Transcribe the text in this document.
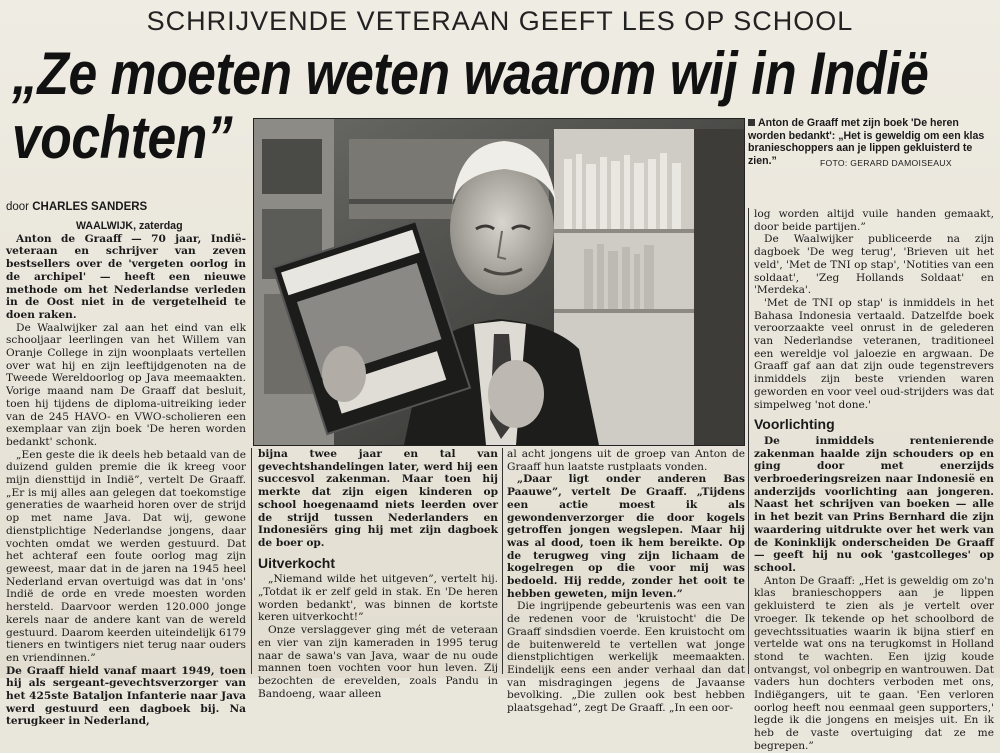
SCHRIJVENDE VETERAAN GEEFT LES OP SCHOOL
„Ze moeten weten waarom wij in Indië
vochten”
door CHARLES SANDERS

WAALWIJK, zaterdag

Anton de Graaff — 70 jaar, Indië-veteraan en schrijver van zeven bestsellers over de 'vergeten oorlog in de archipel' — heeft een nieuwe methode om het Nederlandse verleden in de Oost niet in de vergetelheid te doen raken.

De Waalwijker zal aan het eind van elk schooljaar leerlingen van het Willem van Oranje College in zijn woonplaats vertellen over wat hij en zijn leeftijdgenoten na de Tweede Wereldoorlog op Java meemaakten. Vorige maand nam De Graaff dat besluit, toen hij tijdens de diploma-uitreiking ieder van de 245 HAVO- en VWO-scholieren een exemplaar van zijn boek 'De heren worden bedankt' schonk.

„Een geste die ik deels heb betaald van de duizend gulden premie die ik kreeg voor mijn diensttijd in Indië”, vertelt De Graaff. „Er is mij alles aan gelegen dat toekomstige generaties de waarheid horen over de strijd op met name Java. Dat wij, gewone dienstplichtige Nederlandse jongens, daar vochten omdat we werden gestuurd. Dat het achteraf een foute oorlog mag zijn geweest, maar dat in de jaren na 1945 heel Nederland ervan overtuigd was dat in 'ons' Indië de orde en vrede moesten worden hersteld. Daarvoor werden 120.000 jonge kerels naar de andere kant van de wereld gestuurd. Daarom keerden uiteindelijk 6179 tieners en twintigers niet terug naar ouders en vriendinnen.”

De Graaff hield vanaf maart 1949, toen hij als sergeant-gevechtsverzorger van het 425ste Bataljon Infanterie naar Java werd gestuurd een dagboek bij. Na terugkeer in Nederland,

bijna twee jaar en tal van gevechtshandelingen later, werd hij een succesvol zakenman. Maar toen hij merkte dat zijn eigen kinderen op school hoegenaamd niets leerden over de strijd tussen Nederlanders en Indonesiërs ging hij met zijn dagboek de boer op.

Uitverkocht

„Niemand wilde het uitgeven”, vertelt hij. „Totdat ik er zelf geld in stak. En 'De heren worden bedankt', was binnen de kortste keren uitverkocht!”

Onze verslaggever ging mét de veteraan en vier van zijn kameraden in 1995 terug naar de sawa's van Java, waar de nu oude mannen toen vochten voor hun leven. Zij bezochten de erevelden, zoals Pandu in Bandoeng, waar alleen

al acht jongens uit de groep van Anton de Graaff hun laatste rustplaats vonden.

„Daar ligt onder anderen Bas Paauwe”, vertelt De Graaff. „Tijdens een actie moest ik als gewondenverzorger die door kogels getroffen jongen wegslepen. Maar hij was al dood, toen ik hem bereikte. Op de terugweg ving zijn lichaam de kogelregen op die voor mij was bedoeld. Hij redde, zonder het ooit te hebben geweten, mijn leven.”

Die ingrijpende gebeurtenis was een van de redenen voor de 'kruistocht' die De Graaff sindsdien voerde. Een kruistocht om de buitenwereld te vertellen wat jonge dienstplichtigen werkelijk meemaakten. Eindelijk eens een ander verhaal dan dat van misdragingen jegens de Javaanse bevolking. „Die zullen ook best hebben plaatsgehad”, zegt De Graaff. „In een oor-

log worden altijd vuile handen gemaakt, door beide partijen.”

De Waalwijker publiceerde na zijn dagboek 'De weg terug', 'Brieven uit het veld', 'Met de TNI op stap', 'Notities van een soldaat', 'Zeg Hollands Soldaat' en 'Merdeka'.

'Met de TNI op stap' is inmiddels in het Bahasa Indonesia vertaald. Datzelfde boek veroorzaakte veel onrust in de gelederen van Nederlandse veteranen, traditioneel een wereldje vol jaloezie en argwaan. De Graaff gaf aan dat zijn oude tegenstrevers inmiddels zijn beste vrienden waren geworden en voor veel oud-strijders was dat simpelweg 'not done.'

Voorlichting

De inmiddels rentenierende zakenman haalde zijn schouders op en ging door met enerzijds verbroederingsreizen naar Indonesië en anderzijds voorlichting aan jongeren. Naast het schrijven van boeken — alle in het bezit van Prins Bernhard die zijn waardering uitdrukte over het werk van de Koninklijk onderscheiden De Graaff — geeft hij nu ook 'gastcolleges' op school.

Anton De Graaff: „Het is geweldig om zo'n klas branieschoppers aan je lippen gekluisterd te zien als je vertelt over vroeger. Ik tekende op het schoolbord de gevechtssituaties waarin ik bijna stierf en vertelde wat ons na terugkomst in Holland stond te wachten. Een ijzig koude ontvangst, vol onbegrip en wantrouwen. Dat vaders hun dochters verboden met ons, Indiëgangers, uit te gaan. 'Een verloren oorlog heeft nou eenmaal geen supporters,' legde ik die jongens en meisjes uit. En ik heb de vaste overtuiging dat ze me begrepen.”

Anton de Graaff met zijn boek 'De heren worden bedankt': „Het is geweldig om een klas branieschoppers aan je lippen gekluisterd te zien.”	FOTO: GERARD DAMOISEAUX
